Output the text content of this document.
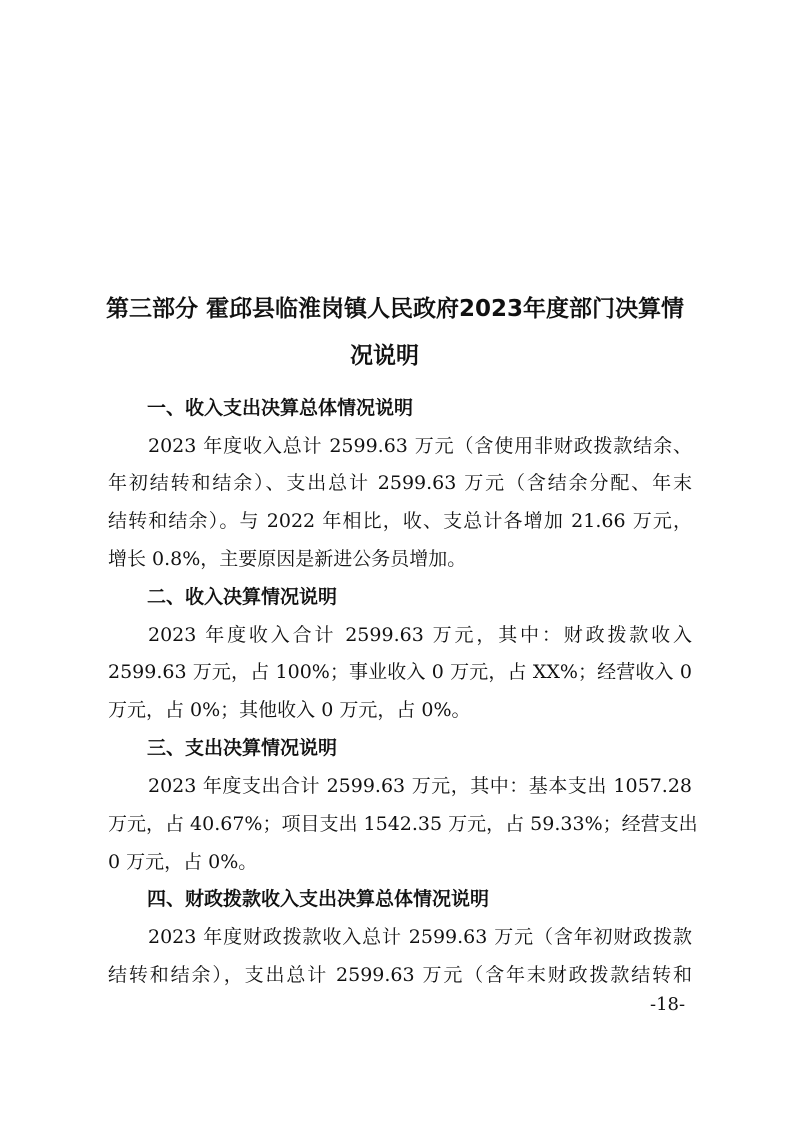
第三部分 霍邱县临淮岗镇人民政府2023年度部门决算情
况说明
一、收入支出决算总体情况说明

2023 年度收入总计 2599.63 万元（含使用非财政拨款结余、

年初结转和结余）、支出总计 2599.63 万元（含结余分配、年末

结转和结余）。与 2022 年相比，收、支总计各增加 21.66 万元，

增长 0.8%，主要原因是新进公务员增加。

二、收入决算情况说明

2023 年度收入合计 2599.63 万元，其中：财政拨款收入

2599.63 万元，占 100%；事业收入 0 万元，占 XX%；经营收入 0

万元，占 0%；其他收入 0 万元，占 0%。

三、支出决算情况说明

2023 年度支出合计 2599.63 万元，其中：基本支出 1057.28

万元，占 40.67%；项目支出 1542.35 万元，占 59.33%；经营支出

0 万元，占 0%。

四、财政拨款收入支出决算总体情况说明

2023 年度财政拨款收入总计 2599.63 万元（含年初财政拨款

结转和结余），支出总计 2599.63 万元（含年末财政拨款结转和

-18-
